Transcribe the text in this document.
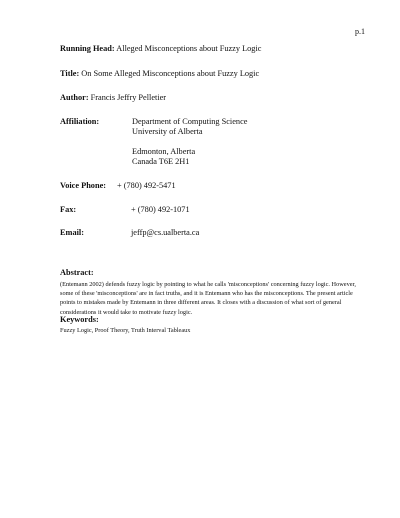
p.1
Running Head: Alleged Misconceptions about Fuzzy Logic
Title: On Some Alleged Misconceptions about Fuzzy Logic
Author: Francis Jeffry Pelletier
Affiliation:	Department of Computing Science
University of Alberta
Edmonton, Alberta
Canada T6E 2H1
Voice Phone: + (780) 492-5471
Fax:	+ (780) 492-1071
Email:	jeffp@cs.ualberta.ca
Abstract:
(Entemann 2002) defends fuzzy logic by pointing to what he calls 'misconceptions' concerning fuzzy logic. However, some of these 'misconceptions' are in fact truths, and it is Entemann who has the misconceptions. The present article points to mistakes made by Entemann in three different areas. It closes with a discussion of what sort of general considerations it would take to motivate fuzzy logic.
Keywords:
Fuzzy Logic, Proof Theory, Truth Interval Tableaux
